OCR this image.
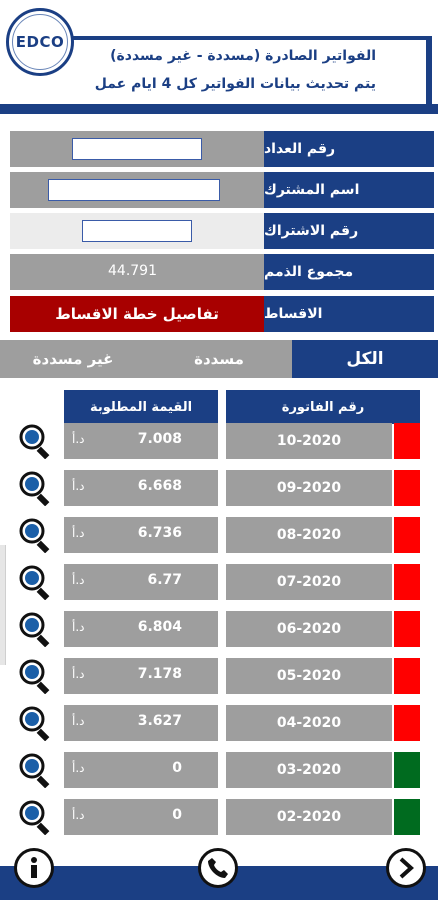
EDCO
الفواتير الصادرة (مسددة - غير مسددة)
يتم تحديث بيانات الفواتير كل 4 ايام عمل
رقم العداد
اسم المشترك
رقم الاشتراك
44.791	مجموع الذمم
تفاصيل خطة الاقساط	الاقساط
غير مسددة	مسددة	الكل
القيمة المطلوبة	رقم الفاتورة
د.أ	7.008	10-2020
د.أ	6.668	09-2020
د.أ	6.736	08-2020
د.أ	6.77	07-2020
د.أ	6.804	06-2020
د.أ	7.178	05-2020
د.أ	3.627	04-2020
د.أ	0	03-2020
د.أ	0	02-2020
